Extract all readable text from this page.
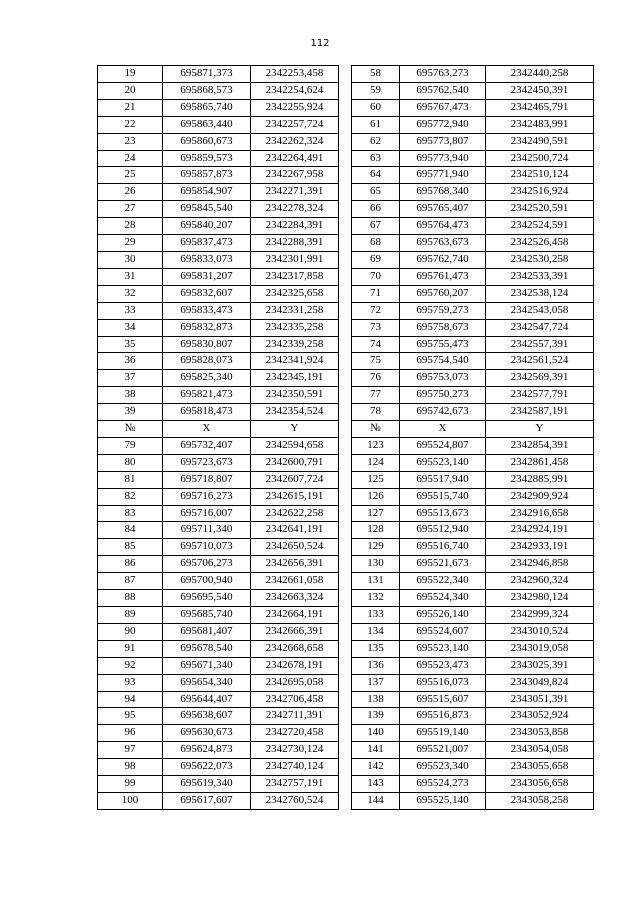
112
19	695871,373	2342253,458		58	695763,273	2342440,258
20	695868,573	2342254,624		59	695762,540	2342450,391
21	695865,740	2342255,924		60	695767,473	2342465,791
22	695863,440	2342257,724		61	695772,940	2342483,991
23	695860,673	2342262,324		62	695773,807	2342490,591
24	695859,573	2342264,491		63	695773,940	2342500,724
25	695857,873	2342267,958		64	695771,940	2342510,124
26	695854,907	2342271,391		65	695768,340	2342516,924
27	695845,540	2342278,324		66	695765,407	2342520,591
28	695840,207	2342284,391		67	695764,473	2342524,591
29	695837,473	2342288,391		68	695763,673	2342526,458
30	695833,073	2342301,991		69	695762,740	2342530,258
31	695831,207	2342317,858		70	695761,473	2342533,391
32	695832,607	2342325,658		71	695760,207	2342538,124
33	695833,473	2342331,258		72	695759,273	2342543,058
34	695832,873	2342335,258		73	695758,673	2342547,724
35	695830,807	2342339,258		74	695755,473	2342557,391
36	695828,073	2342341,924		75	695754,540	2342561,524
37	695825,340	2342345,191		76	695753,073	2342569,391
38	695821,473	2342350,591		77	695750,273	2342577,791
39	695818,473	2342354,524		78	695742,673	2342587,191
№	X	Y		№	X	Y
79	695732,407	2342594,658		123	695524,807	2342854,391
80	695723,673	2342600,791		124	695523,140	2342861,458
81	695718,807	2342607,724		125	695517,940	2342885,991
82	695716,273	2342615,191		126	695515,740	2342909,924
83	695716,007	2342622,258		127	695513,673	2342916,658
84	695711,340	2342641,191		128	695512,940	2342924,191
85	695710,073	2342650,524		129	695516,740	2342933,191
86	695706,273	2342656,391		130	695521,673	2342946,858
87	695700,940	2342661,058		131	695522,340	2342960,324
88	695695,540	2342663,324		132	695524,340	2342980,124
89	695685,740	2342664,191		133	695526,140	2342999,324
90	695681,407	2342666,391		134	695524,607	2343010,524
91	695678,540	2342668,658		135	695523,140	2343019,058
92	695671,340	2342678,191		136	695523,473	2343025,391
93	695654,340	2342695,058		137	695516,073	2343049,824
94	695644,407	2342706,458		138	695515,607	2343051,391
95	695638,607	2342711,391		139	695516,873	2343052,924
96	695630,673	2342720,458		140	695519,140	2343053,858
97	695624,873	2342730,124		141	695521,007	2343054,058
98	695622,073	2342740,124		142	695523,340	2343055,658
99	695619,340	2342757,191		143	695524,273	2343056,658
100	695617,607	2342760,524		144	695525,140	2343058,258
